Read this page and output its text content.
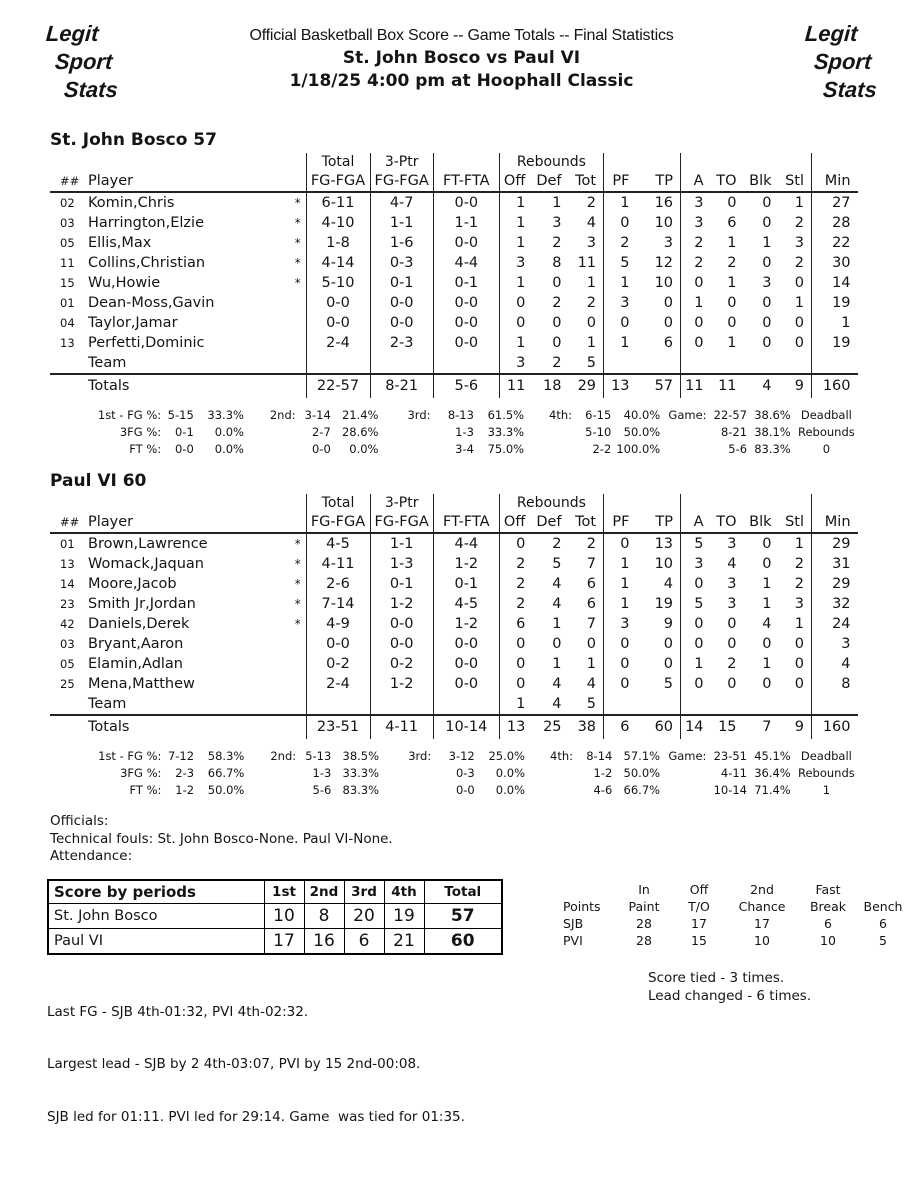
Legit
Sport
Stats
Official Basketball Box Score -- Game Totals -- Final Statistics
St. John Bosco vs Paul VI
1/18/25 4:00 pm at Hoophall Classic
Legit
Sport
Stats
St. John Bosco 57
			Total	3-Ptr		Rebounds									
##	Player		FG-FGA	FG-FGA	FT-FTA	Off	Def	Tot	PF	TP	A	TO	Blk	Stl	Min
02	Komin,Chris	*	6-11	4-7	0-0	1	1	2	1	16	3	0	0	1	27
03	Harrington,Elzie	*	4-10	1-1	1-1	1	3	4	0	10	3	6	0	2	28
05	Ellis,Max	*	1-8	1-6	0-0	1	2	3	2	3	2	1	1	3	22
11	Collins,Christian	*	4-14	0-3	4-4	3	8	11	5	12	2	2	0	2	30
15	Wu,Howie	*	5-10	0-1	0-1	1	0	1	1	10	0	1	3	0	14
01	Dean-Moss,Gavin		0-0	0-0	0-0	0	2	2	3	0	1	0	0	1	19
04	Taylor,Jamar		0-0	0-0	0-0	0	0	0	0	0	0	0	0	0	1
13	Perfetti,Dominic		2-4	2-3	0-0	1	0	1	1	6	0	1	0	0	19
	Team					3	2	5							
	Totals		22-57	8-21	5-6	11	18	29	13	57	11	11	4	9	160
1st - FG %:	5-15	33.3%	2nd:	3-14	21.4%	3rd:	8-13	61.5%	4th:	6-15	40.0%	Game:	22-57	38.6%
3FG %:	0-1	0.0%		2-7	28.6%		1-3	33.3%		5-10	50.0%		8-21	38.1%
FT %:	0-0	0.0%		0-0	0.0%		3-4	75.0%		2-2	100.0%		5-6	83.3%
Deadball
Rebounds
0
Paul VI 60
			Total	3-Ptr		Rebounds									
##	Player		FG-FGA	FG-FGA	FT-FTA	Off	Def	Tot	PF	TP	A	TO	Blk	Stl	Min
01	Brown,Lawrence	*	4-5	1-1	4-4	0	2	2	0	13	5	3	0	1	29
13	Womack,Jaquan	*	4-11	1-3	1-2	2	5	7	1	10	3	4	0	2	31
14	Moore,Jacob	*	2-6	0-1	0-1	2	4	6	1	4	0	3	1	2	29
23	Smith Jr,Jordan	*	7-14	1-2	4-5	2	4	6	1	19	5	3	1	3	32
42	Daniels,Derek	*	4-9	0-0	1-2	6	1	7	3	9	0	0	4	1	24
03	Bryant,Aaron		0-0	0-0	0-0	0	0	0	0	0	0	0	0	0	3
05	Elamin,Adlan		0-2	0-2	0-0	0	1	1	0	0	1	2	1	0	4
25	Mena,Matthew		2-4	1-2	0-0	0	4	4	0	5	0	0	0	0	8
	Team					1	4	5							
	Totals		23-51	4-11	10-14	13	25	38	6	60	14	15	7	9	160
1st - FG %:	7-12	58.3%	2nd:	5-13	38.5%	3rd:	3-12	25.0%	4th:	8-14	57.1%	Game:	23-51	45.1%
3FG %:	2-3	66.7%		1-3	33.3%		0-3	0.0%		1-2	50.0%		4-11	36.4%
FT %:	1-2	50.0%		5-6	83.3%		0-0	0.0%		4-6	66.7%		10-14	71.4%
Deadball
Rebounds
1
Officials:
Technical fouls: St. John Bosco-None. Paul VI-None.
Attendance:
Score by periods	1st	2nd	3rd	4th	Total
St. John Bosco	10	8	20	19	57
Paul VI	17	16	6	21	60

Last FG - SJB 4th-01:32, PVI 4th-02:32.

Largest lead - SJB by 2 4th-03:07, PVI by 15 2nd-00:08.

SJB led for 01:11. PVI led for 29:14. Game  was tied for 01:35.

	In	Off	2nd	Fast	
Points	Paint	T/O	Chance	Break	Bench
SJB	28	17	17	6	6
PVI	28	15	10	10	5
Score tied - 3 times.
Lead changed - 6 times.
